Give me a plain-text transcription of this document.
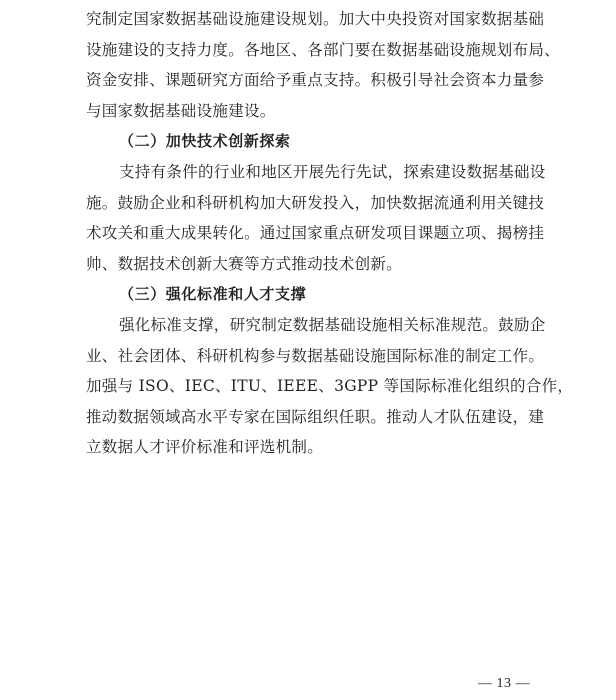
究制定国家数据基础设施建设规划。加大中央投资对国家数据基础
设施建设的支持力度。各地区、各部门要在数据基础设施规划布局、
资金安排、课题研究方面给予重点支持。积极引导社会资本力量参
与国家数据基础设施建设。
（二）加快技术创新探索
支持有条件的行业和地区开展先行先试，探索建设数据基础设
施。鼓励企业和科研机构加大研发投入，加快数据流通利用关键技
术攻关和重大成果转化。通过国家重点研发项目课题立项、揭榜挂
帅、数据技术创新大赛等方式推动技术创新。
（三）强化标准和人才支撑
强化标准支撑，研究制定数据基础设施相关标准规范。鼓励企
业、社会团体、科研机构参与数据基础设施国际标准的制定工作。
加强与 ISO、IEC、ITU、IEEE、3GPP 等国际标准化组织的合作，
推动数据领域高水平专家在国际组织任职。推动人才队伍建设，建
立数据人才评价标准和评选机制。
— 13 —
